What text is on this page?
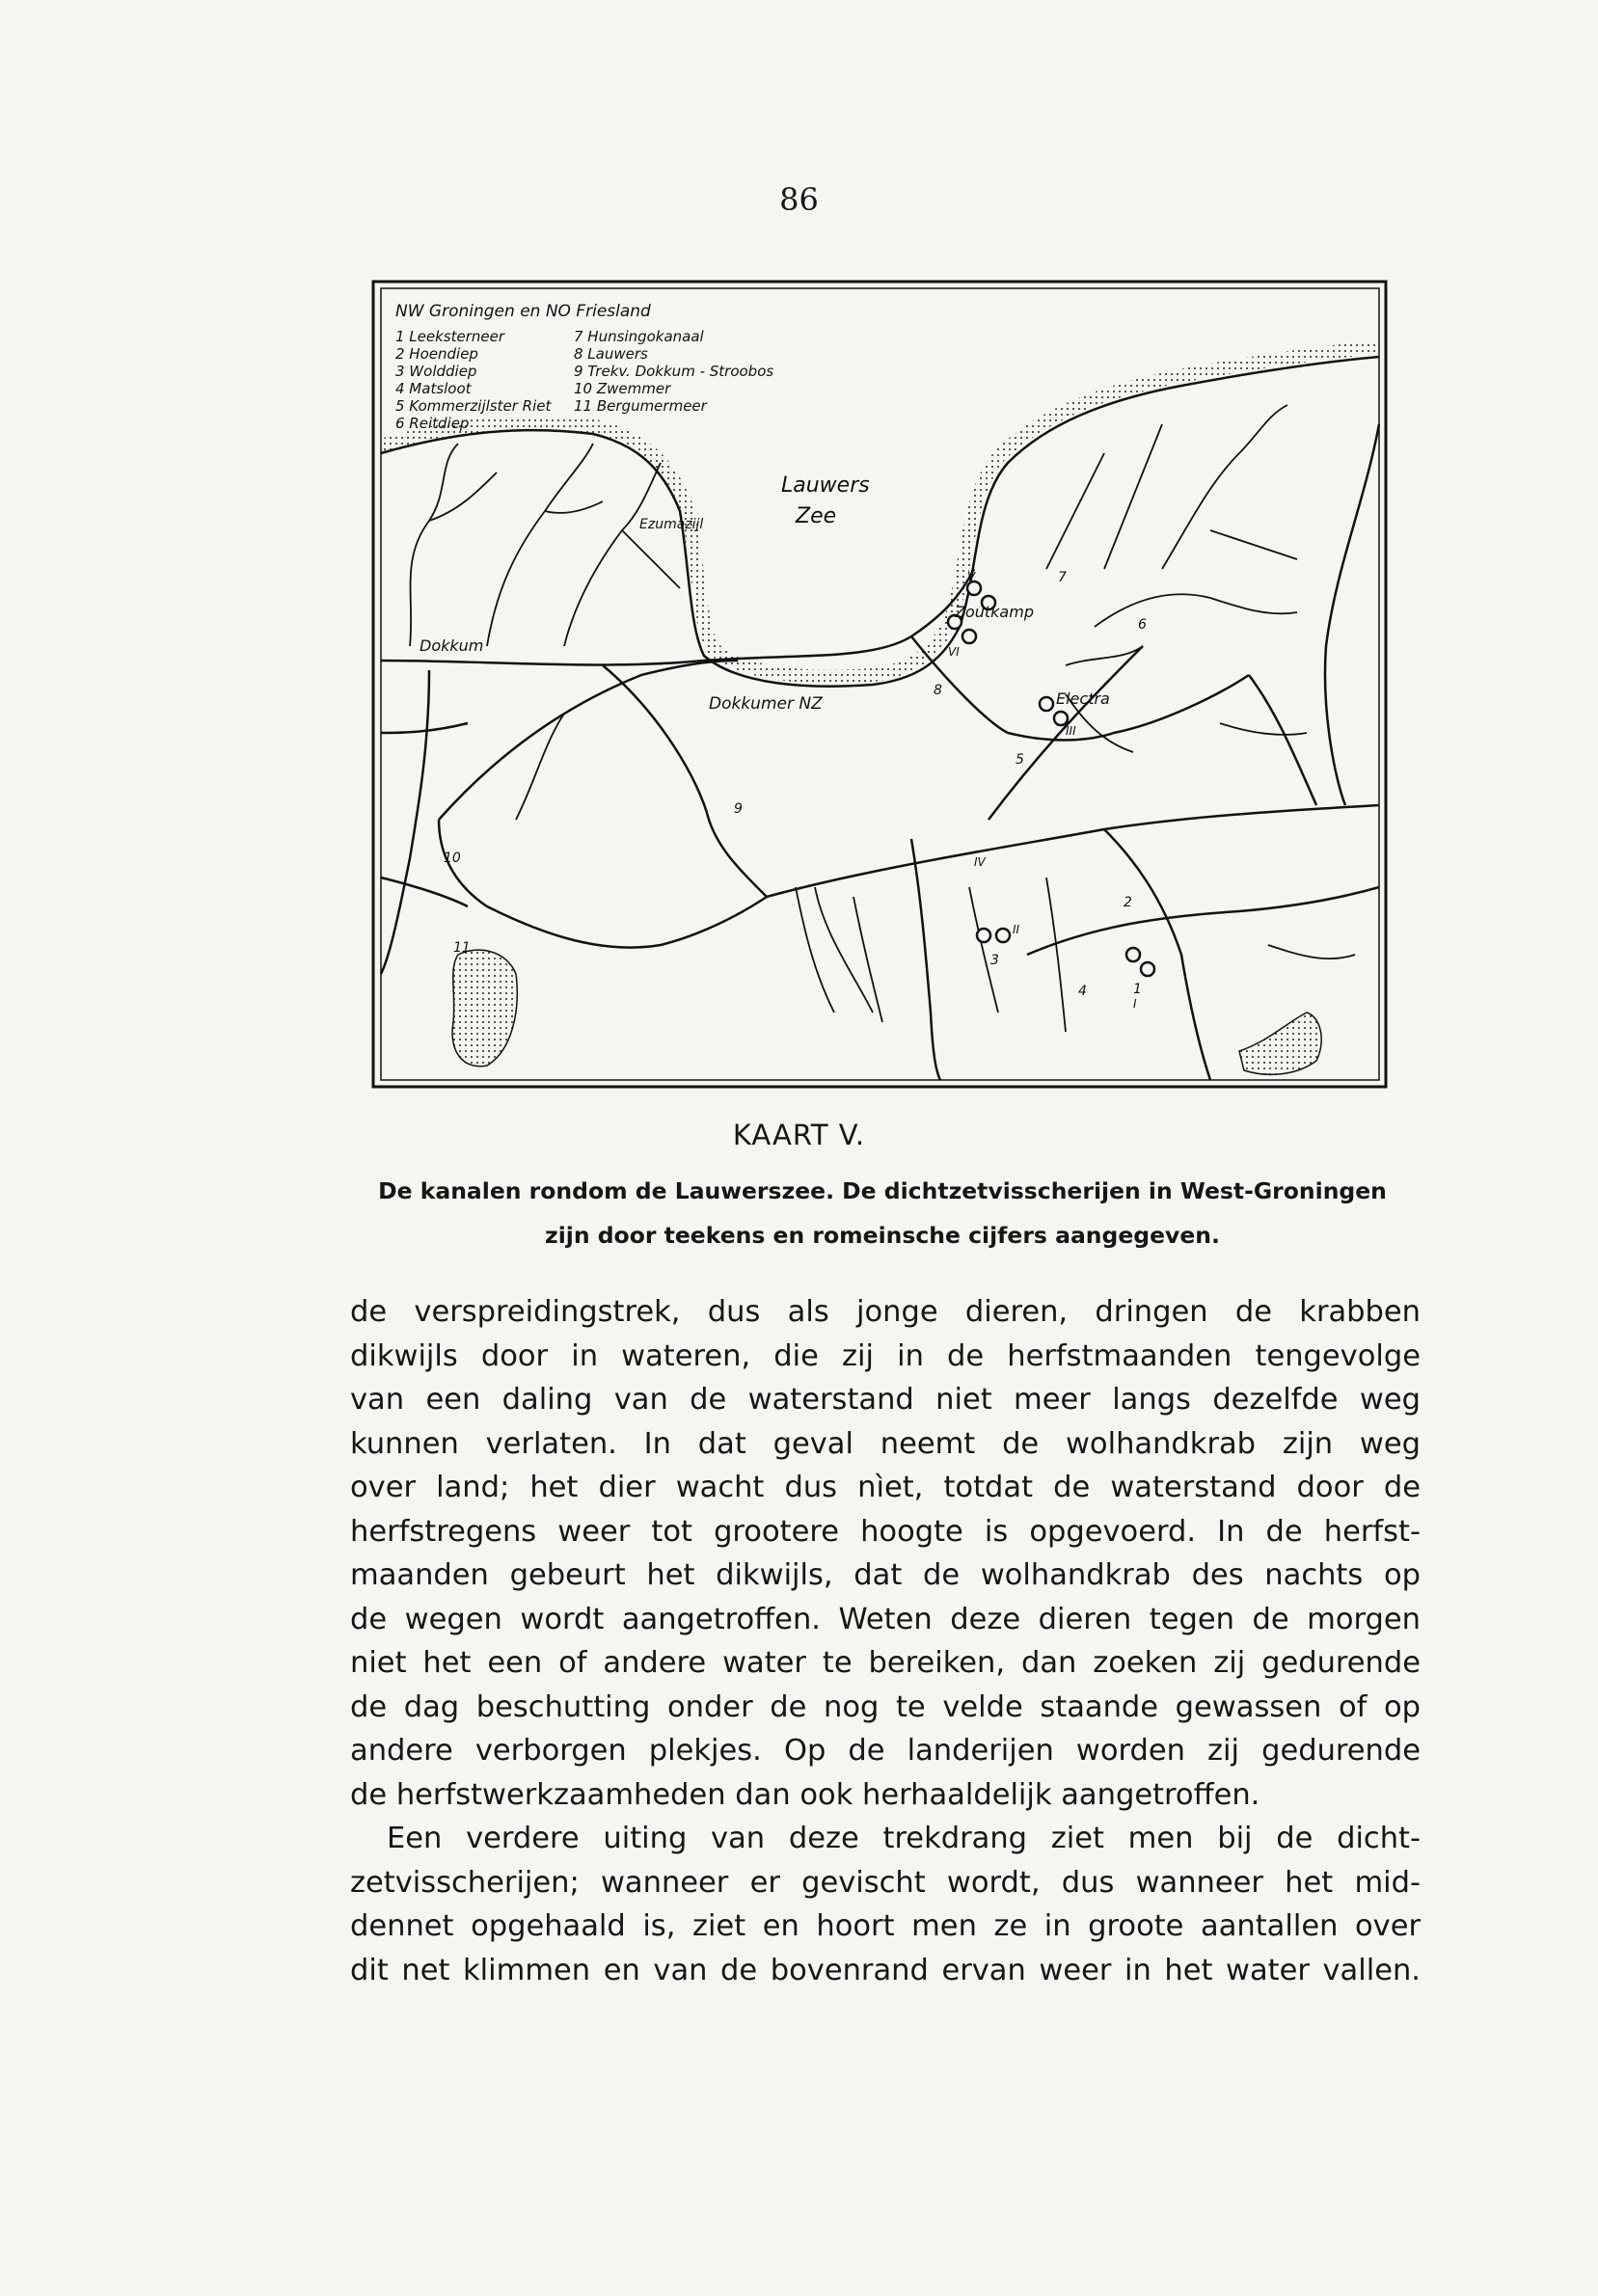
86
NW Groningen en NO Friesland
1 Leeksterneer
2 Hoendiep
3 Wolddiep
4 Matsloot
5 Kommerzijlster Riet
6 Reitdiep
7 Hunsingokanaal
8 Lauwers
9 Trekv. Dokkum - Stroobos
10 Zwemmer
11 Bergumermeer
Lauwers
Zee
Dokkum
Dokkumer NZ
Ezumazijl
Zoutkamp
Electra
1
2
3
4
5
6
7
8
9
10
11
I
II
III
IV
V
VI
KAART V.
De kanalen rondom de Lauwerszee. De dichtzetvisscherijen in West-Groningen
zijn door teekens en romeinsche cijfers aangegeven.
de verspreidingstrek, dus als jonge dieren, dringen de krabben
dikwijls door in wateren, die zij in de herfstmaanden tengevolge
van een daling van de waterstand niet meer langs dezelfde weg
kunnen verlaten. In dat geval neemt de wolhandkrab zijn weg
over land; het dier wacht dus nìet, totdat de waterstand door de
herfstregens weer tot grootere hoogte is opgevoerd. In de herfst-
maanden gebeurt het dikwijls, dat de wolhandkrab des nachts op
de wegen wordt aangetroffen. Weten deze dieren tegen de morgen
niet het een of andere water te bereiken, dan zoeken zij gedurende
de dag beschutting onder de nog te velde staande gewassen of op
andere verborgen plekjes. Op de landerijen worden zij gedurende
de herfstwerkzaamheden dan ook herhaaldelijk aangetroffen.
Een verdere uiting van deze trekdrang ziet men bij de dicht-
zetvisscherijen; wanneer er gevischt wordt, dus wanneer het mid-
dennet opgehaald is, ziet en hoort men ze in groote aantallen over
dit net klimmen en van de bovenrand ervan weer in het water vallen.
